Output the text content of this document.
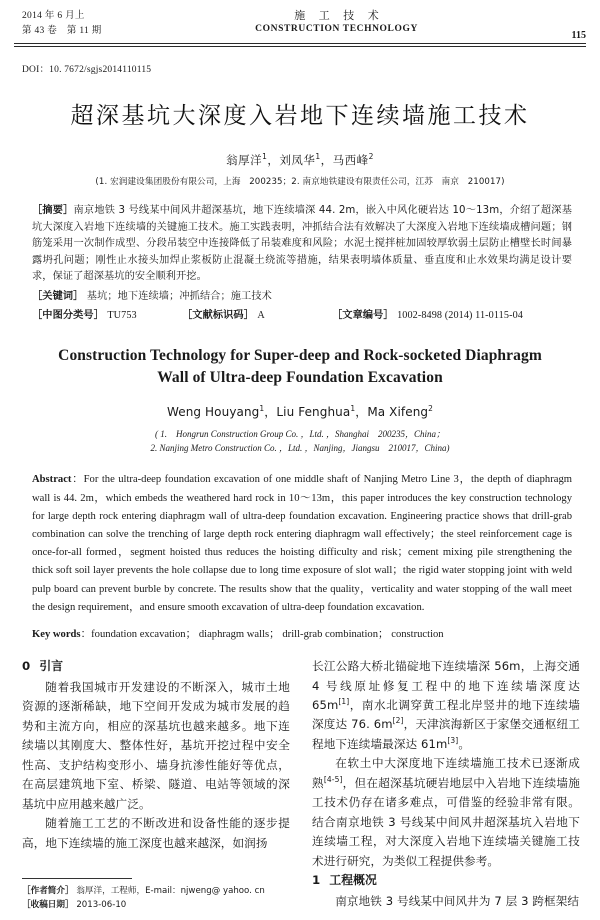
2014 年 6 月上
第 43 卷　第 11 期
施 工 技 术
CONSTRUCTION TECHNOLOGY
115
DOI：10. 7672/sgjs2014110115
超深基坑大深度入岩地下连续墙施工技术
翁厚洋$^1$，刘凤华$^1$，马西峰$^2$
(1. 宏润建设集团股份有限公司，上海　200235；2. 南京地铁建设有限责任公司，江苏　南京　210017)
［摘要］南京地铁 3 号线某中间风井超深基坑，地下连续墙深 44. 2m，嵌入中风化硬岩达 10～13m，介绍了超深基坑大深度入岩地下连续墙的关键施工技术。施工实践表明，冲抓结合法有效解决了大深度入岩地下连续墙成槽问题；钢筋笼采用一次制作成型、分段吊装空中连接降低了吊装难度和风险；水泥土搅拌桩加固较厚软弱土层防止槽壁长时间暴露坍孔问题；刚性止水接头加焊止浆板防止混凝土绕流等措施，结果表明墙体质量、垂直度和止水效果均满足设计要求，保证了超深基坑的安全顺利开挖。
［关键词］ 基坑；地下连续墙；冲抓结合；施工技术
［中图分类号］ TU753	［文献标识码］ A	［文章编号］ 1002-8498 (2014) 11-0115-04
Construction Technology for Super-deep and Rock-socketed Diaphragm
Wall of Ultra-deep Foundation Excavation
Weng Houyang$^1$，Liu Fenghua$^1$，Ma Xifeng$^2$
( 1.　Hongrun Construction Group Co. ，Ltd. ，Shanghai　200235，China；
2. Nanjing Metro Construction Co. ，Ltd. ，Nanjing，Jiangsu　210017，China)
Abstract：For the ultra-deep foundation excavation of one middle shaft of Nanjing Metro Line 3，the depth of diaphragm wall is 44. 2m，which embeds the weathered hard rock in 10～13m，this paper introduces the key construction technology for large depth rock entering diaphragm wall of ultra-deep foundation excavation. Engineering practice shows that drill-grab combination can solve the trenching of large depth rock entering diaphragm wall effectively；the steel reinforcement cage is once-for-all formed，segment hoisted thus reduces the hoisting difficulty and risk；cement mixing pile strengthening the thick soft soil layer prevents the hole collapse due to long time exposure of slot wall；the rigid water stopping joint with weld pulp board can prevent burble by concrete. The results show that the quality，verticality and water stopping of the wall meet the design requirement，and ensure smooth excavation of ultra-deep foundation excavation.
Key words：foundation excavation； diaphragm walls； drill-grab combination； construction
0 引言

随着我国城市开发建设的不断深入，城市土地资源的逐渐稀缺，地下空间开发成为城市发展的趋势和主流方向，相应的深基坑也越来越多。地下连续墙以其刚度大、整体性好，基坑开挖过程中安全性高、支护结构变形小、墙身抗渗性能好等优点，在高层建筑地下室、桥梁、隧道、电站等领域的深基坑中应用越来越广泛。

随着施工工艺的不断改进和设备性能的逐步提高，地下连续墙的施工深度也越来越深，如润扬

长江公路大桥北锚碇地下连续墙深 56m，上海交通 4 号线原址修复工程中的地下连续墙深度达 65m[1]，南水北调穿黄工程北岸竖井的地下连续墙深度达 76. 6m[2]，天津滨海新区于家堡交通枢纽工程地下连续墙最深达 61m[3]。

在软土中大深度地下连续墙施工技术已逐渐成熟[4-5]，但在超深基坑硬岩地层中入岩地下连续墙施工技术仍存在诸多难点，可借鉴的经验非常有限。结合南京地铁 3 号线某中间风井超深基坑入岩地下连续墙工程，对大深度入岩地下连续墙关键施工技术进行研究，为类似工程提供参考。

1 工程概况

南京地铁 3 号线某中间风井为 7 层 3 跨框架结

［作者简介］ 翁厚洋，工程师，E-mail：njweng@ yahoo. cn
［收稿日期］ 2013-06-10
